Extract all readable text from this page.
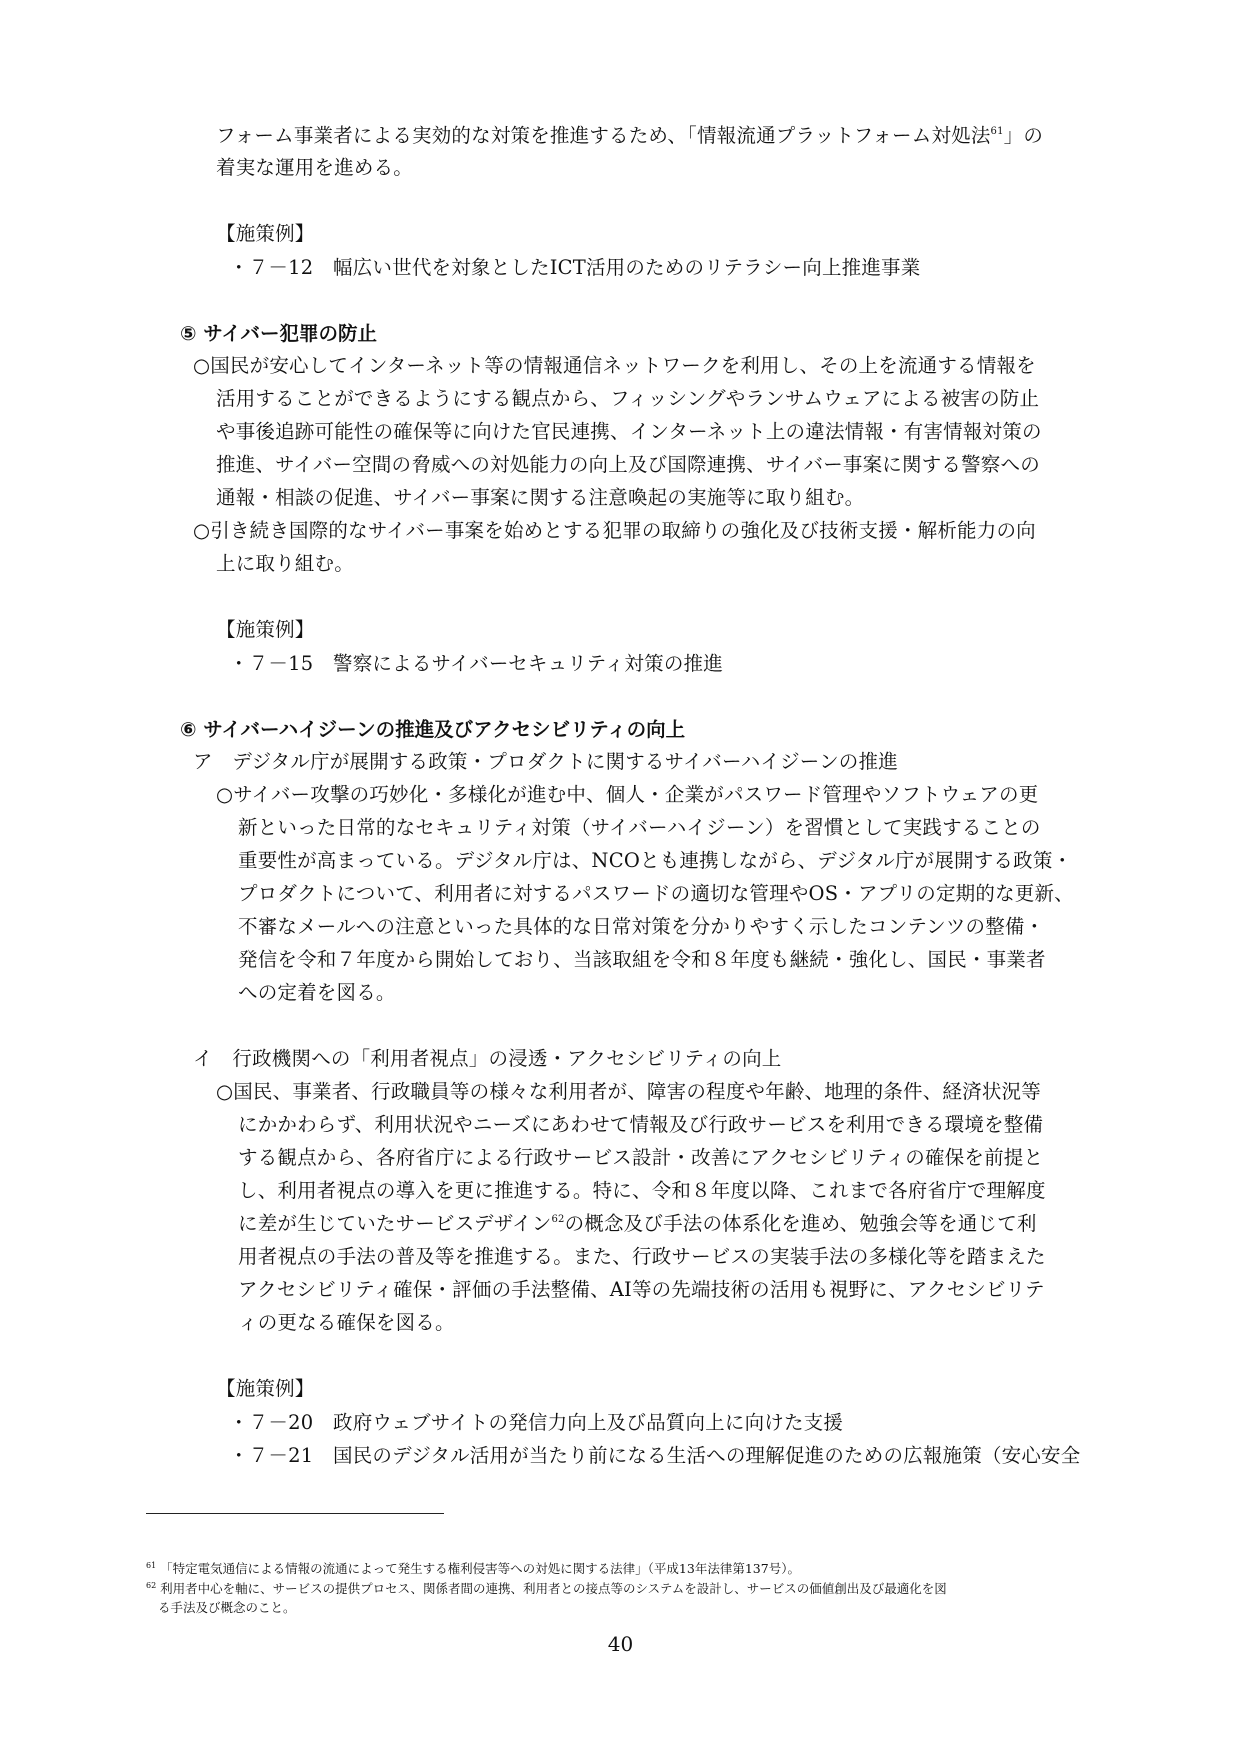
フォーム事業者による実効的な対策を推進するため、「情報流通プラットフォーム対処法$^{61}$」の
着実な運用を進める。
【施策例】
・７－12　幅広い世代を対象としたICT活用のためのリテラシー向上推進事業
⑤ サイバー犯罪の防止
○国民が安心してインターネット等の情報通信ネットワークを利用し、その上を流通する情報を
活用することができるようにする観点から、フィッシングやランサムウェアによる被害の防止
や事後追跡可能性の確保等に向けた官民連携、インターネット上の違法情報・有害情報対策の
推進、サイバー空間の脅威への対処能力の向上及び国際連携、サイバー事案に関する警察への
通報・相談の促進、サイバー事案に関する注意喚起の実施等に取り組む。
○引き続き国際的なサイバー事案を始めとする犯罪の取締りの強化及び技術支援・解析能力の向
上に取り組む。
【施策例】
・７－15　警察によるサイバーセキュリティ対策の推進
⑥ サイバーハイジーンの推進及びアクセシビリティの向上
ア　デジタル庁が展開する政策・プロダクトに関するサイバーハイジーンの推進
○サイバー攻撃の巧妙化・多様化が進む中、個人・企業がパスワード管理やソフトウェアの更
新といった日常的なセキュリティ対策（サイバーハイジーン）を習慣として実践することの
重要性が高まっている。デジタル庁は、NCOとも連携しながら、デジタル庁が展開する政策・
プロダクトについて、利用者に対するパスワードの適切な管理やOS・アプリの定期的な更新、
不審なメールへの注意といった具体的な日常対策を分かりやすく示したコンテンツの整備・
発信を令和７年度から開始しており、当該取組を令和８年度も継続・強化し、国民・事業者
への定着を図る。
イ　行政機関への「利用者視点」の浸透・アクセシビリティの向上
○国民、事業者、行政職員等の様々な利用者が、障害の程度や年齢、地理的条件、経済状況等
にかかわらず、利用状況やニーズにあわせて情報及び行政サービスを利用できる環境を整備
する観点から、各府省庁による行政サービス設計・改善にアクセシビリティの確保を前提と
し、利用者視点の導入を更に推進する。特に、令和８年度以降、これまで各府省庁で理解度
に差が生じていたサービスデザイン$^{62}$の概念及び手法の体系化を進め、勉強会等を通じて利
用者視点の手法の普及等を推進する。また、行政サービスの実装手法の多様化等を踏まえた
アクセシビリティ確保・評価の手法整備、AI等の先端技術の活用も視野に、アクセシビリテ
ィの更なる確保を図る。
【施策例】
・７－20　政府ウェブサイトの発信力向上及び品質向上に向けた支援
・７－21　国民のデジタル活用が当たり前になる生活への理解促進のための広報施策（安心安全
$^{61}$ 「特定電気通信による情報の流通によって発生する権利侵害等への対処に関する法律」（平成13年法律第137号）。
$^{62}$ 利用者中心を軸に、サービスの提供プロセス、関係者間の連携、利用者との接点等のシステムを設計し、サービスの価値創出及び最適化を図
る手法及び概念のこと。
40
